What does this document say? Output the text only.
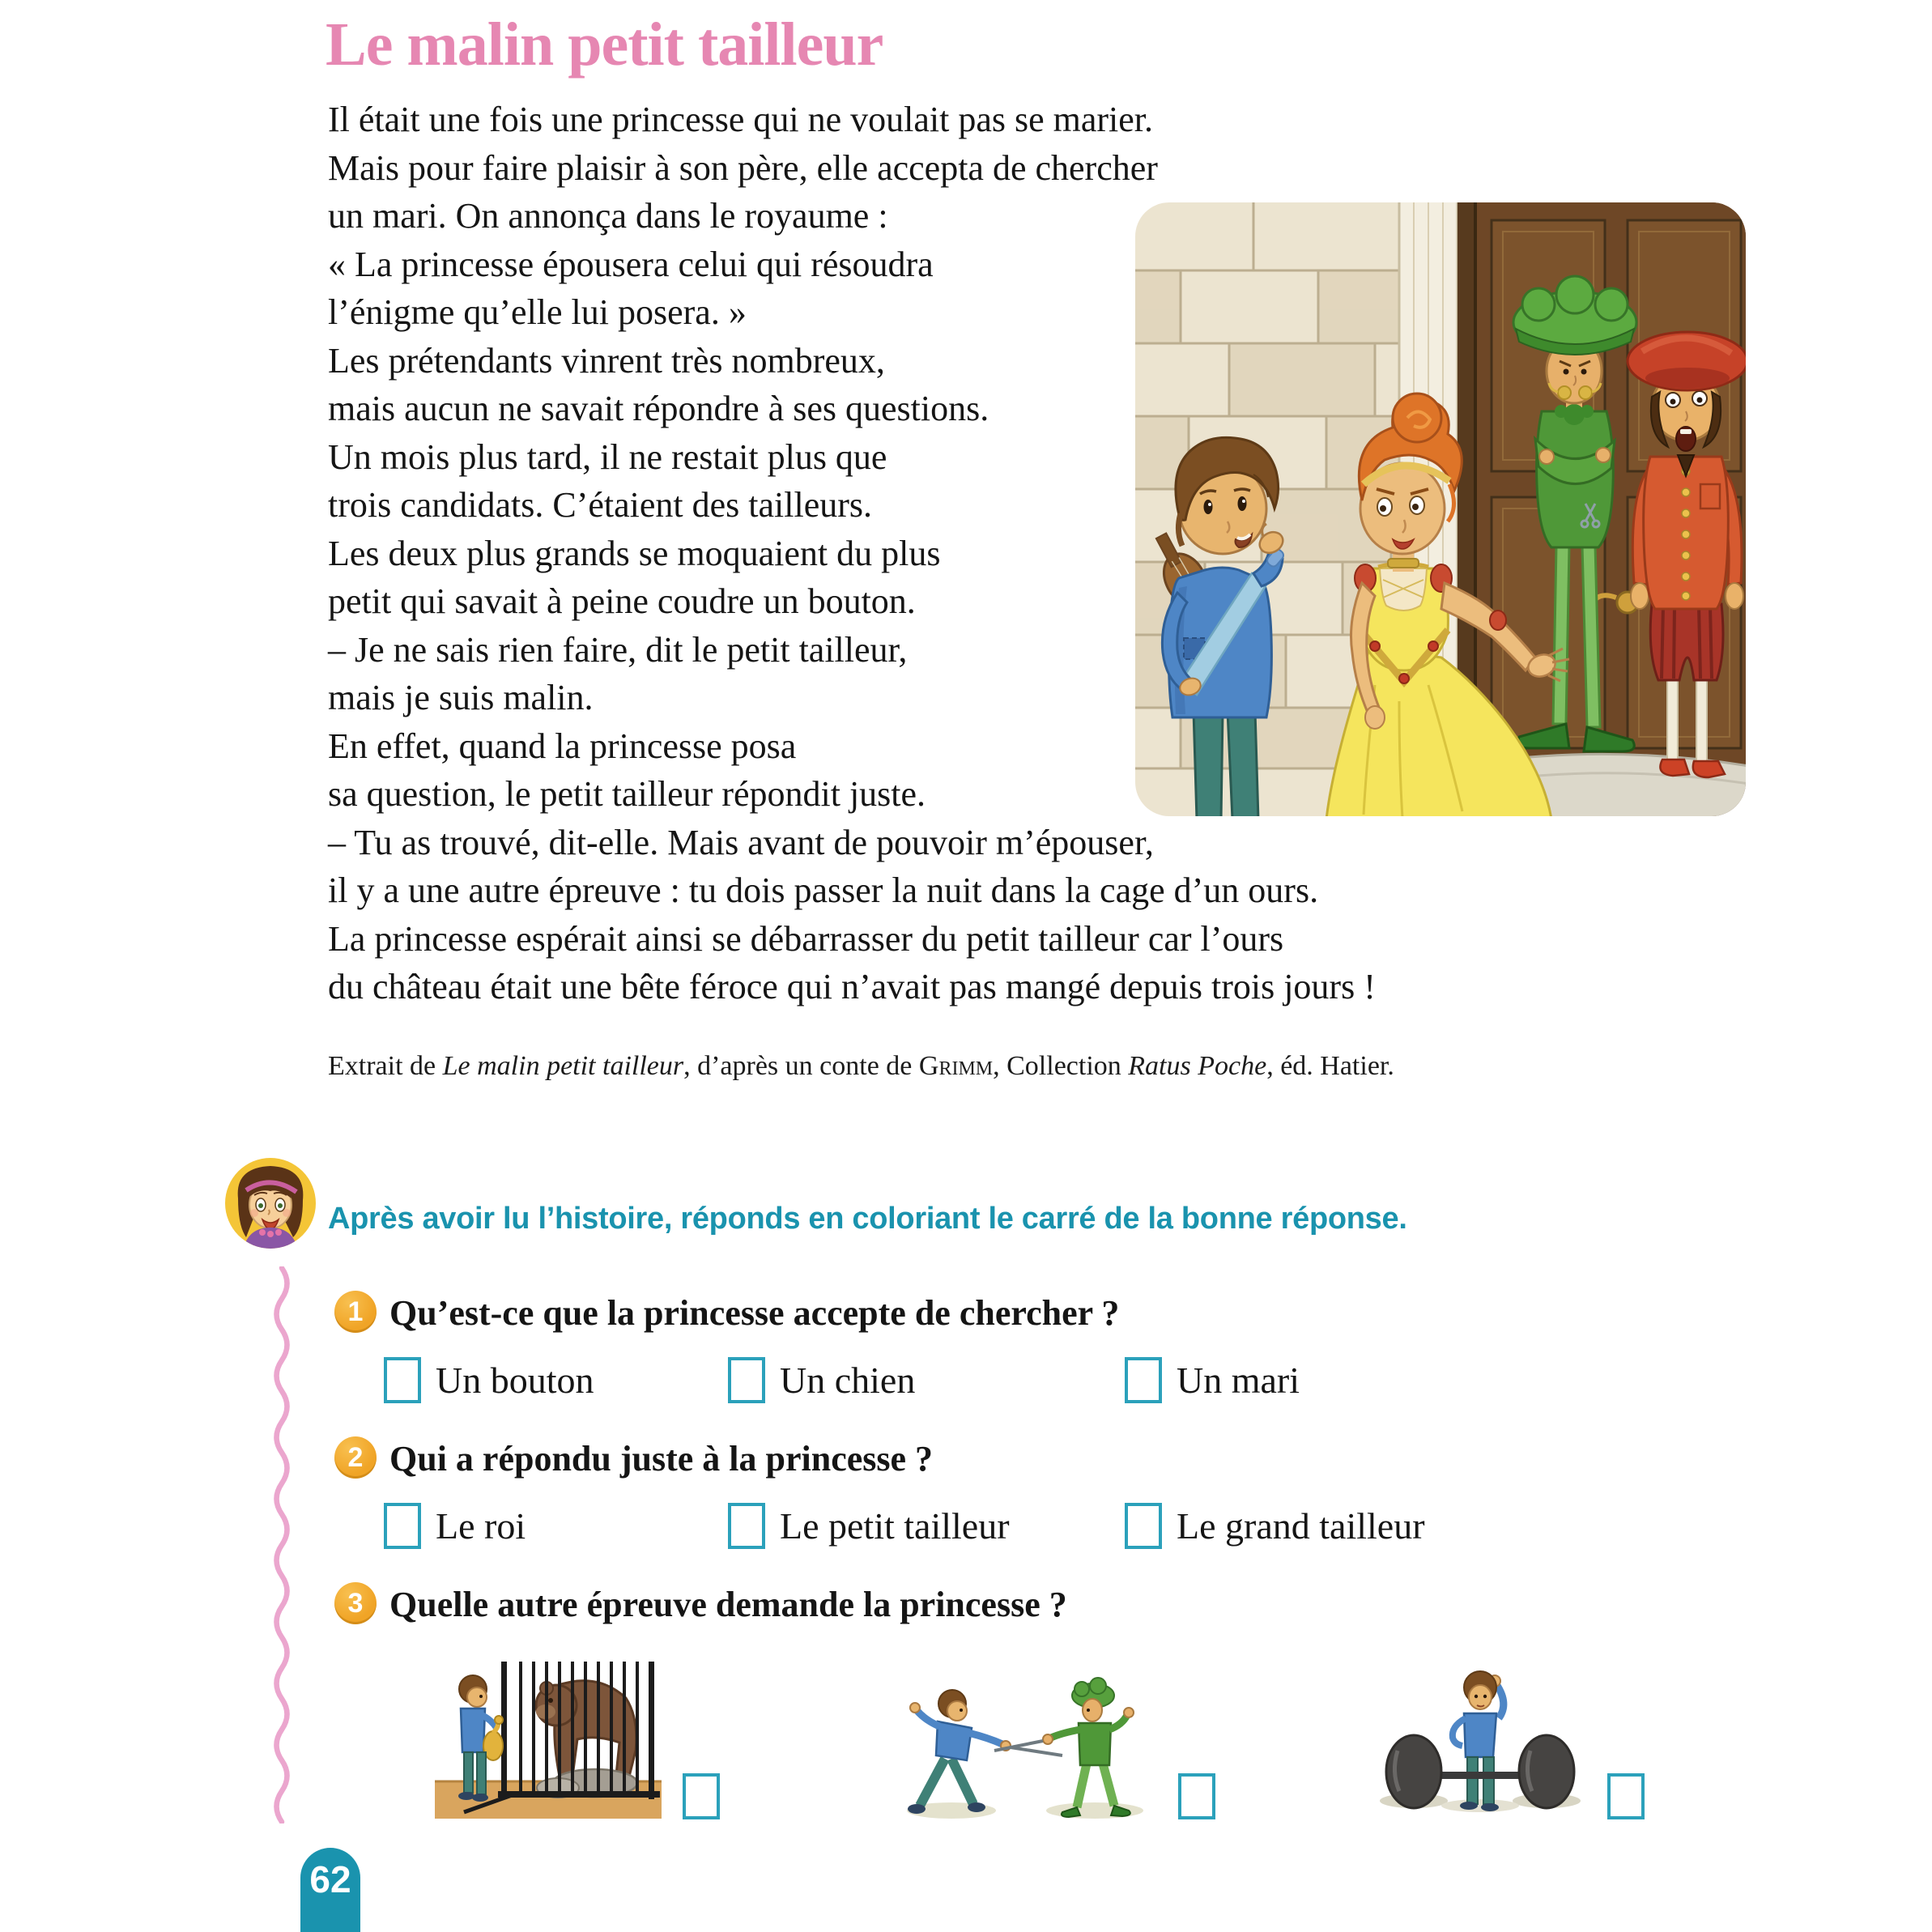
Le malin petit tailleur
Il était une fois une princesse qui ne voulait pas se marier.
Mais pour faire plaisir à son père, elle accepta de chercher
un mari. On annonça dans le royaume :
« La princesse épousera celui qui résoudra
l’énigme qu’elle lui posera. »
Les prétendants vinrent très nombreux,
mais aucun ne savait répondre à ses questions.
Un mois plus tard, il ne restait plus que
trois candidats. C’étaient des tailleurs.
Les deux plus grands se moquaient du plus
petit qui savait à peine coudre un bouton.
– Je ne sais rien faire, dit le petit tailleur,
mais je suis malin.
En effet, quand la princesse posa
sa question, le petit tailleur répondit juste.
– Tu as trouvé, dit-elle. Mais avant de pouvoir m’épouser,
il y a une autre épreuve : tu dois passer la nuit dans la cage d’un ours.
La princesse espérait ainsi se débarrasser du petit tailleur car l’ours
du château était une bête féroce qui n’avait pas mangé depuis trois jours !
Extrait de Le malin petit tailleur, d’après un conte de Grimm, Collection Ratus Poche, éd. Hatier.
Après avoir lu l’histoire, réponds en coloriant le carré de la bonne réponse.
1 Qu’est-ce que la princesse accepte de chercher ?
Un bouton	Un chien	Un mari
2 Qui a répondu juste à la princesse ?
Le roi	Le petit tailleur	Le grand tailleur
3 Quelle autre épreuve demande la princesse ?
62
